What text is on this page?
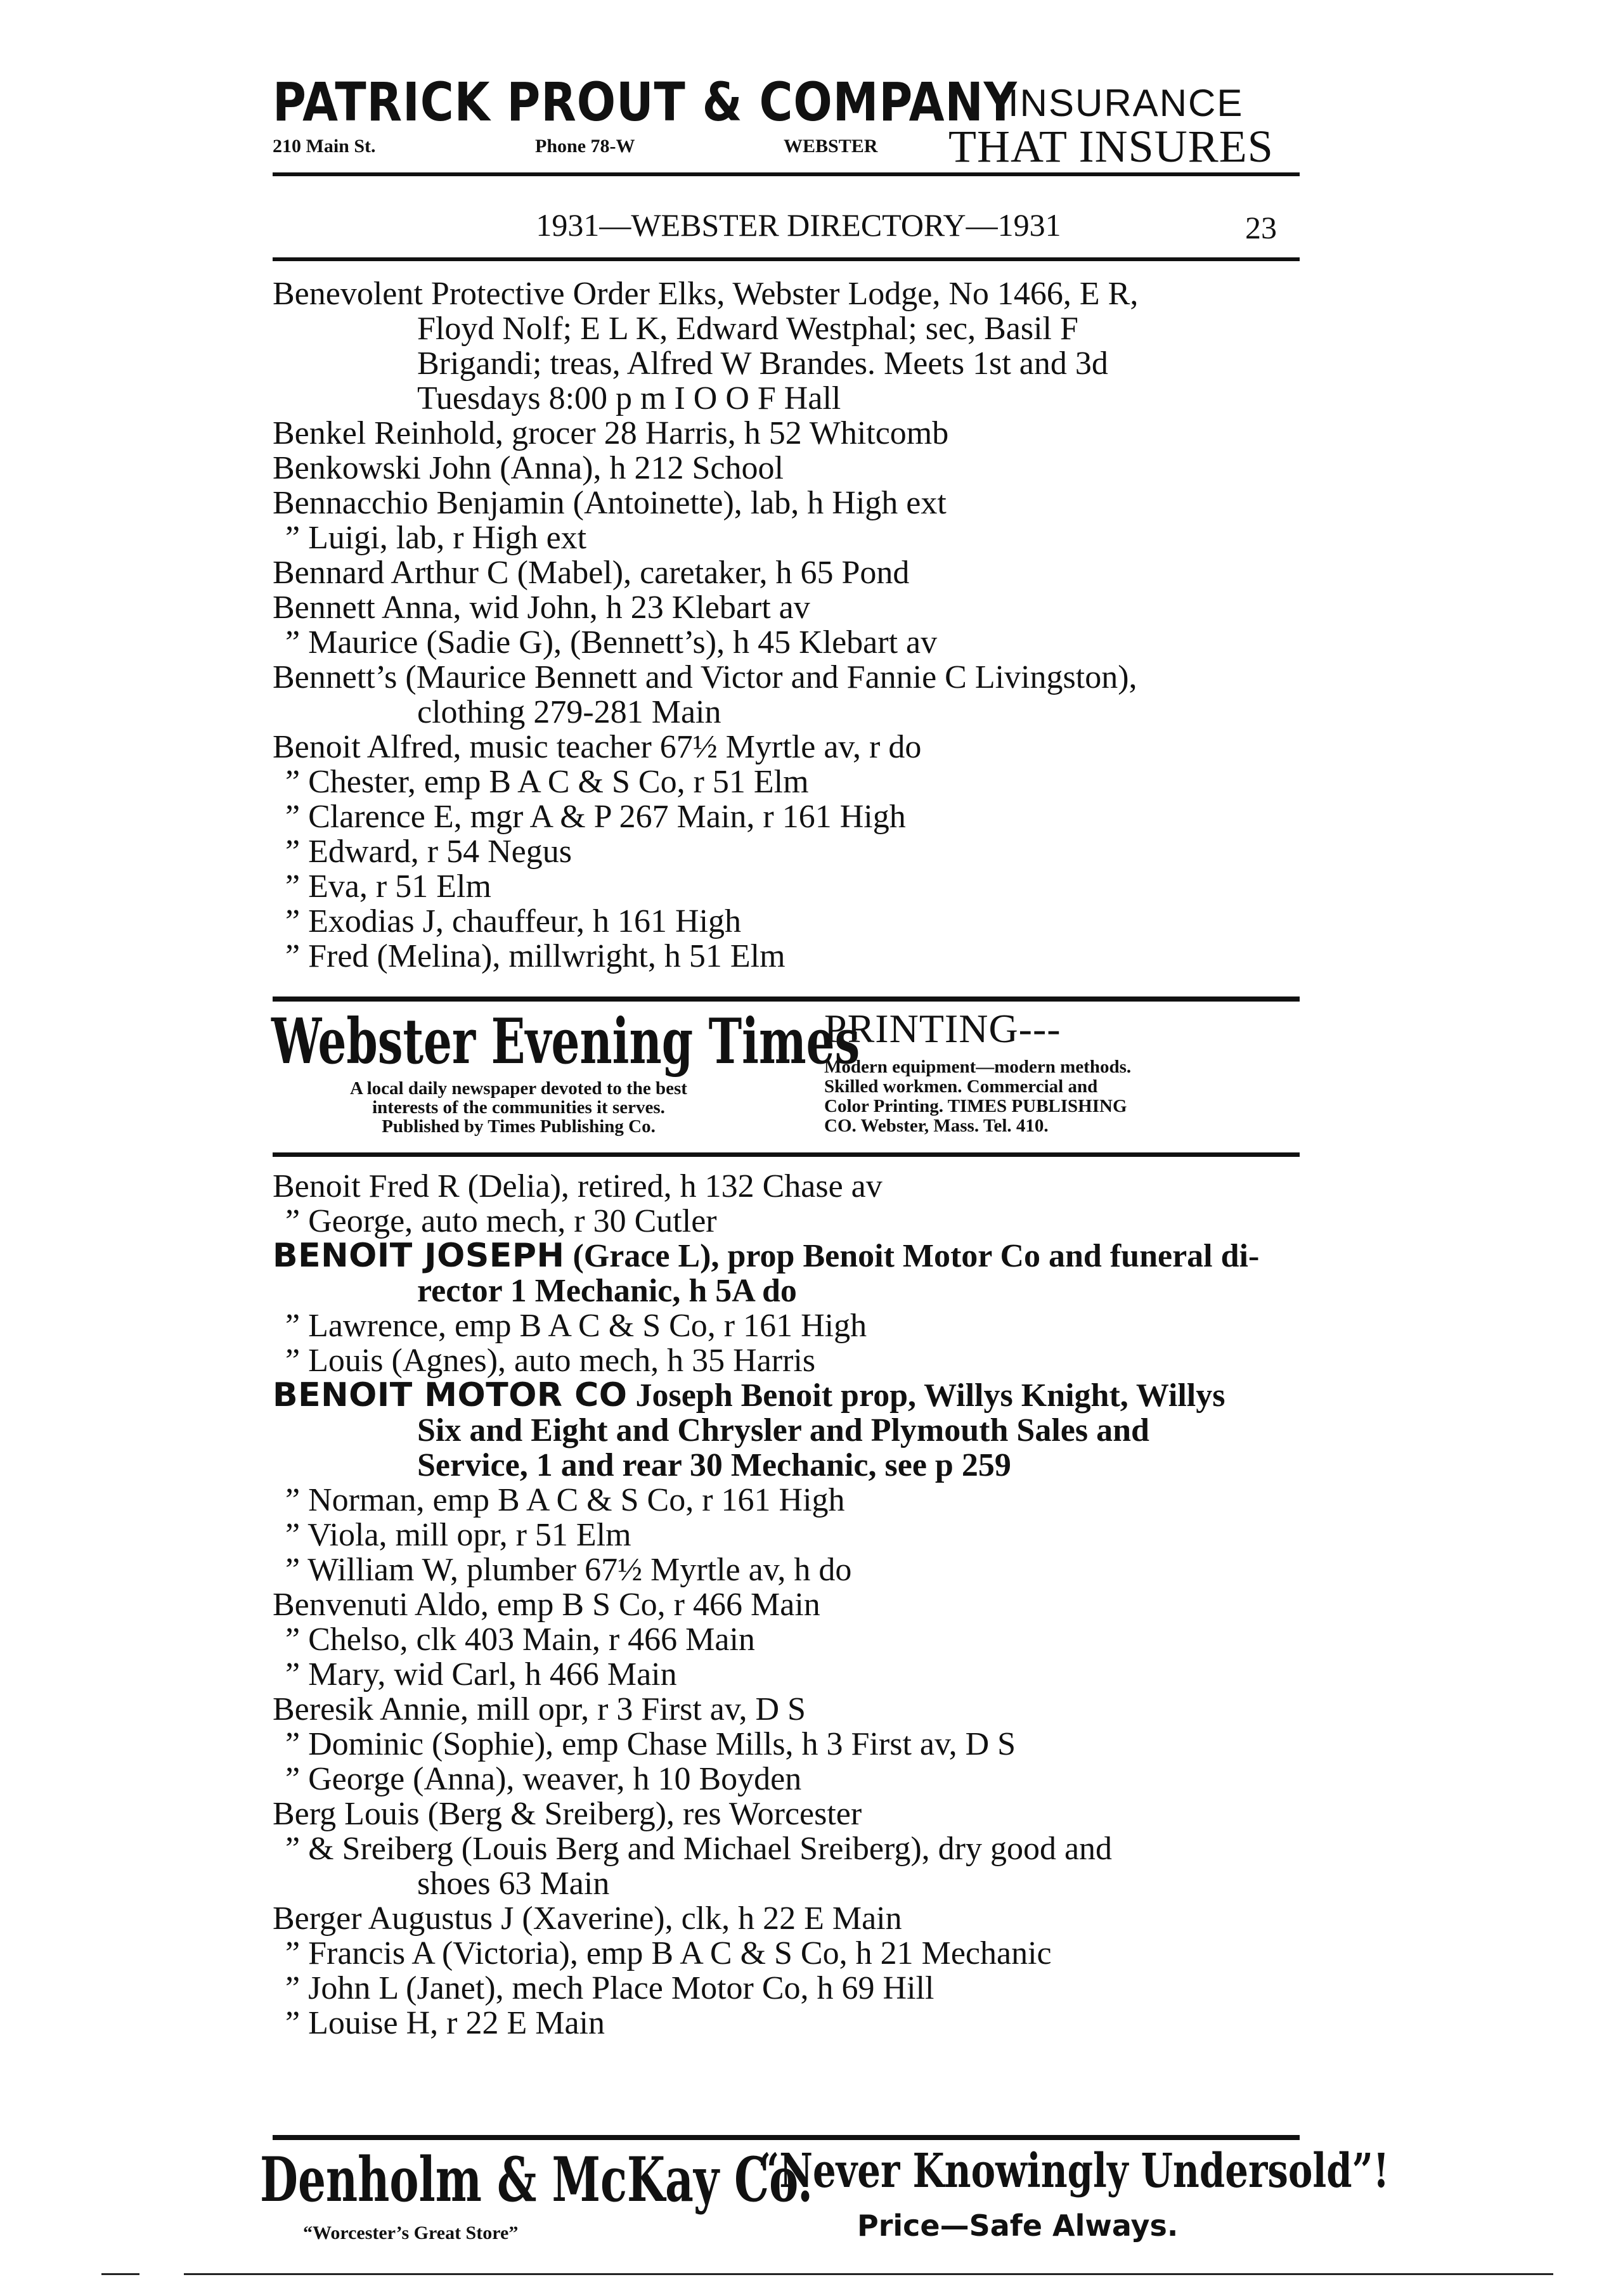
PATRICK PROUT & COMPANY
210 Main St.	Phone 78-W	WEBSTER
INSURANCE
THAT INSURES
1931—WEBSTER DIRECTORY—1931	23
Benevolent Protective Order Elks, Webster Lodge, No 1466, E R,
Floyd Nolf; E L K, Edward Westphal; sec, Basil F
Brigandi; treas, Alfred W Brandes. Meets 1st and 3d
Tuesdays 8:00 p m I O O F Hall
Benkel Reinhold, grocer 28 Harris, h 52 Whitcomb
Benkowski John (Anna), h 212 School
Bennacchio Benjamin (Antoinette), lab, h High ext
” Luigi, lab, r High ext
Bennard Arthur C (Mabel), caretaker, h 65 Pond
Bennett Anna, wid John, h 23 Klebart av
” Maurice (Sadie G), (Bennett’s), h 45 Klebart av
Bennett’s (Maurice Bennett and Victor and Fannie C Livingston),
clothing 279-281 Main
Benoit Alfred, music teacher 67½ Myrtle av, r do
” Chester, emp B A C & S Co, r 51 Elm
” Clarence E, mgr A & P 267 Main, r 161 High
” Edward, r 54 Negus
” Eva, r 51 Elm
” Exodias J, chauffeur, h 161 High
” Fred (Melina), millwright, h 51 Elm
Webster Evening Times
A local daily newspaper devoted to the best
interests of the communities it serves.
Published by Times Publishing Co.
PRINTING---
Modern equipment—modern methods.
Skilled workmen. Commercial and
Color Printing. TIMES PUBLISHING
CO. Webster, Mass. Tel. 410.
Benoit Fred R (Delia), retired, h 132 Chase av
” George, auto mech, r 30 Cutler
BENOIT JOSEPH (Grace L), prop Benoit Motor Co and funeral di-
rector 1 Mechanic, h 5A do
” Lawrence, emp B A C & S Co, r 161 High
” Louis (Agnes), auto mech, h 35 Harris
BENOIT MOTOR CO Joseph Benoit prop, Willys Knight, Willys
Six and Eight and Chrysler and Plymouth Sales and
Service, 1 and rear 30 Mechanic, see p 259
” Norman, emp B A C & S Co, r 161 High
” Viola, mill opr, r 51 Elm
” William W, plumber 67½ Myrtle av, h do
Benvenuti Aldo, emp B S Co, r 466 Main
” Chelso, clk 403 Main, r 466 Main
” Mary, wid Carl, h 466 Main
Beresik Annie, mill opr, r 3 First av, D S
” Dominic (Sophie), emp Chase Mills, h 3 First av, D S
” George (Anna), weaver, h 10 Boyden
Berg Louis (Berg & Sreiberg), res Worcester
” & Sreiberg (Louis Berg and Michael Sreiberg), dry good and
shoes 63 Main
Berger Augustus J (Xaverine), clk, h 22 E Main
” Francis A (Victoria), emp B A C & S Co, h 21 Mechanic
” John L (Janet), mech Place Motor Co, h 69 Hill
” Louise H, r 22 E Main
Denholm & McKay Co.
“Worcester’s Great Store”
“Never Knowingly Undersold”!
Price—Safe Always.
